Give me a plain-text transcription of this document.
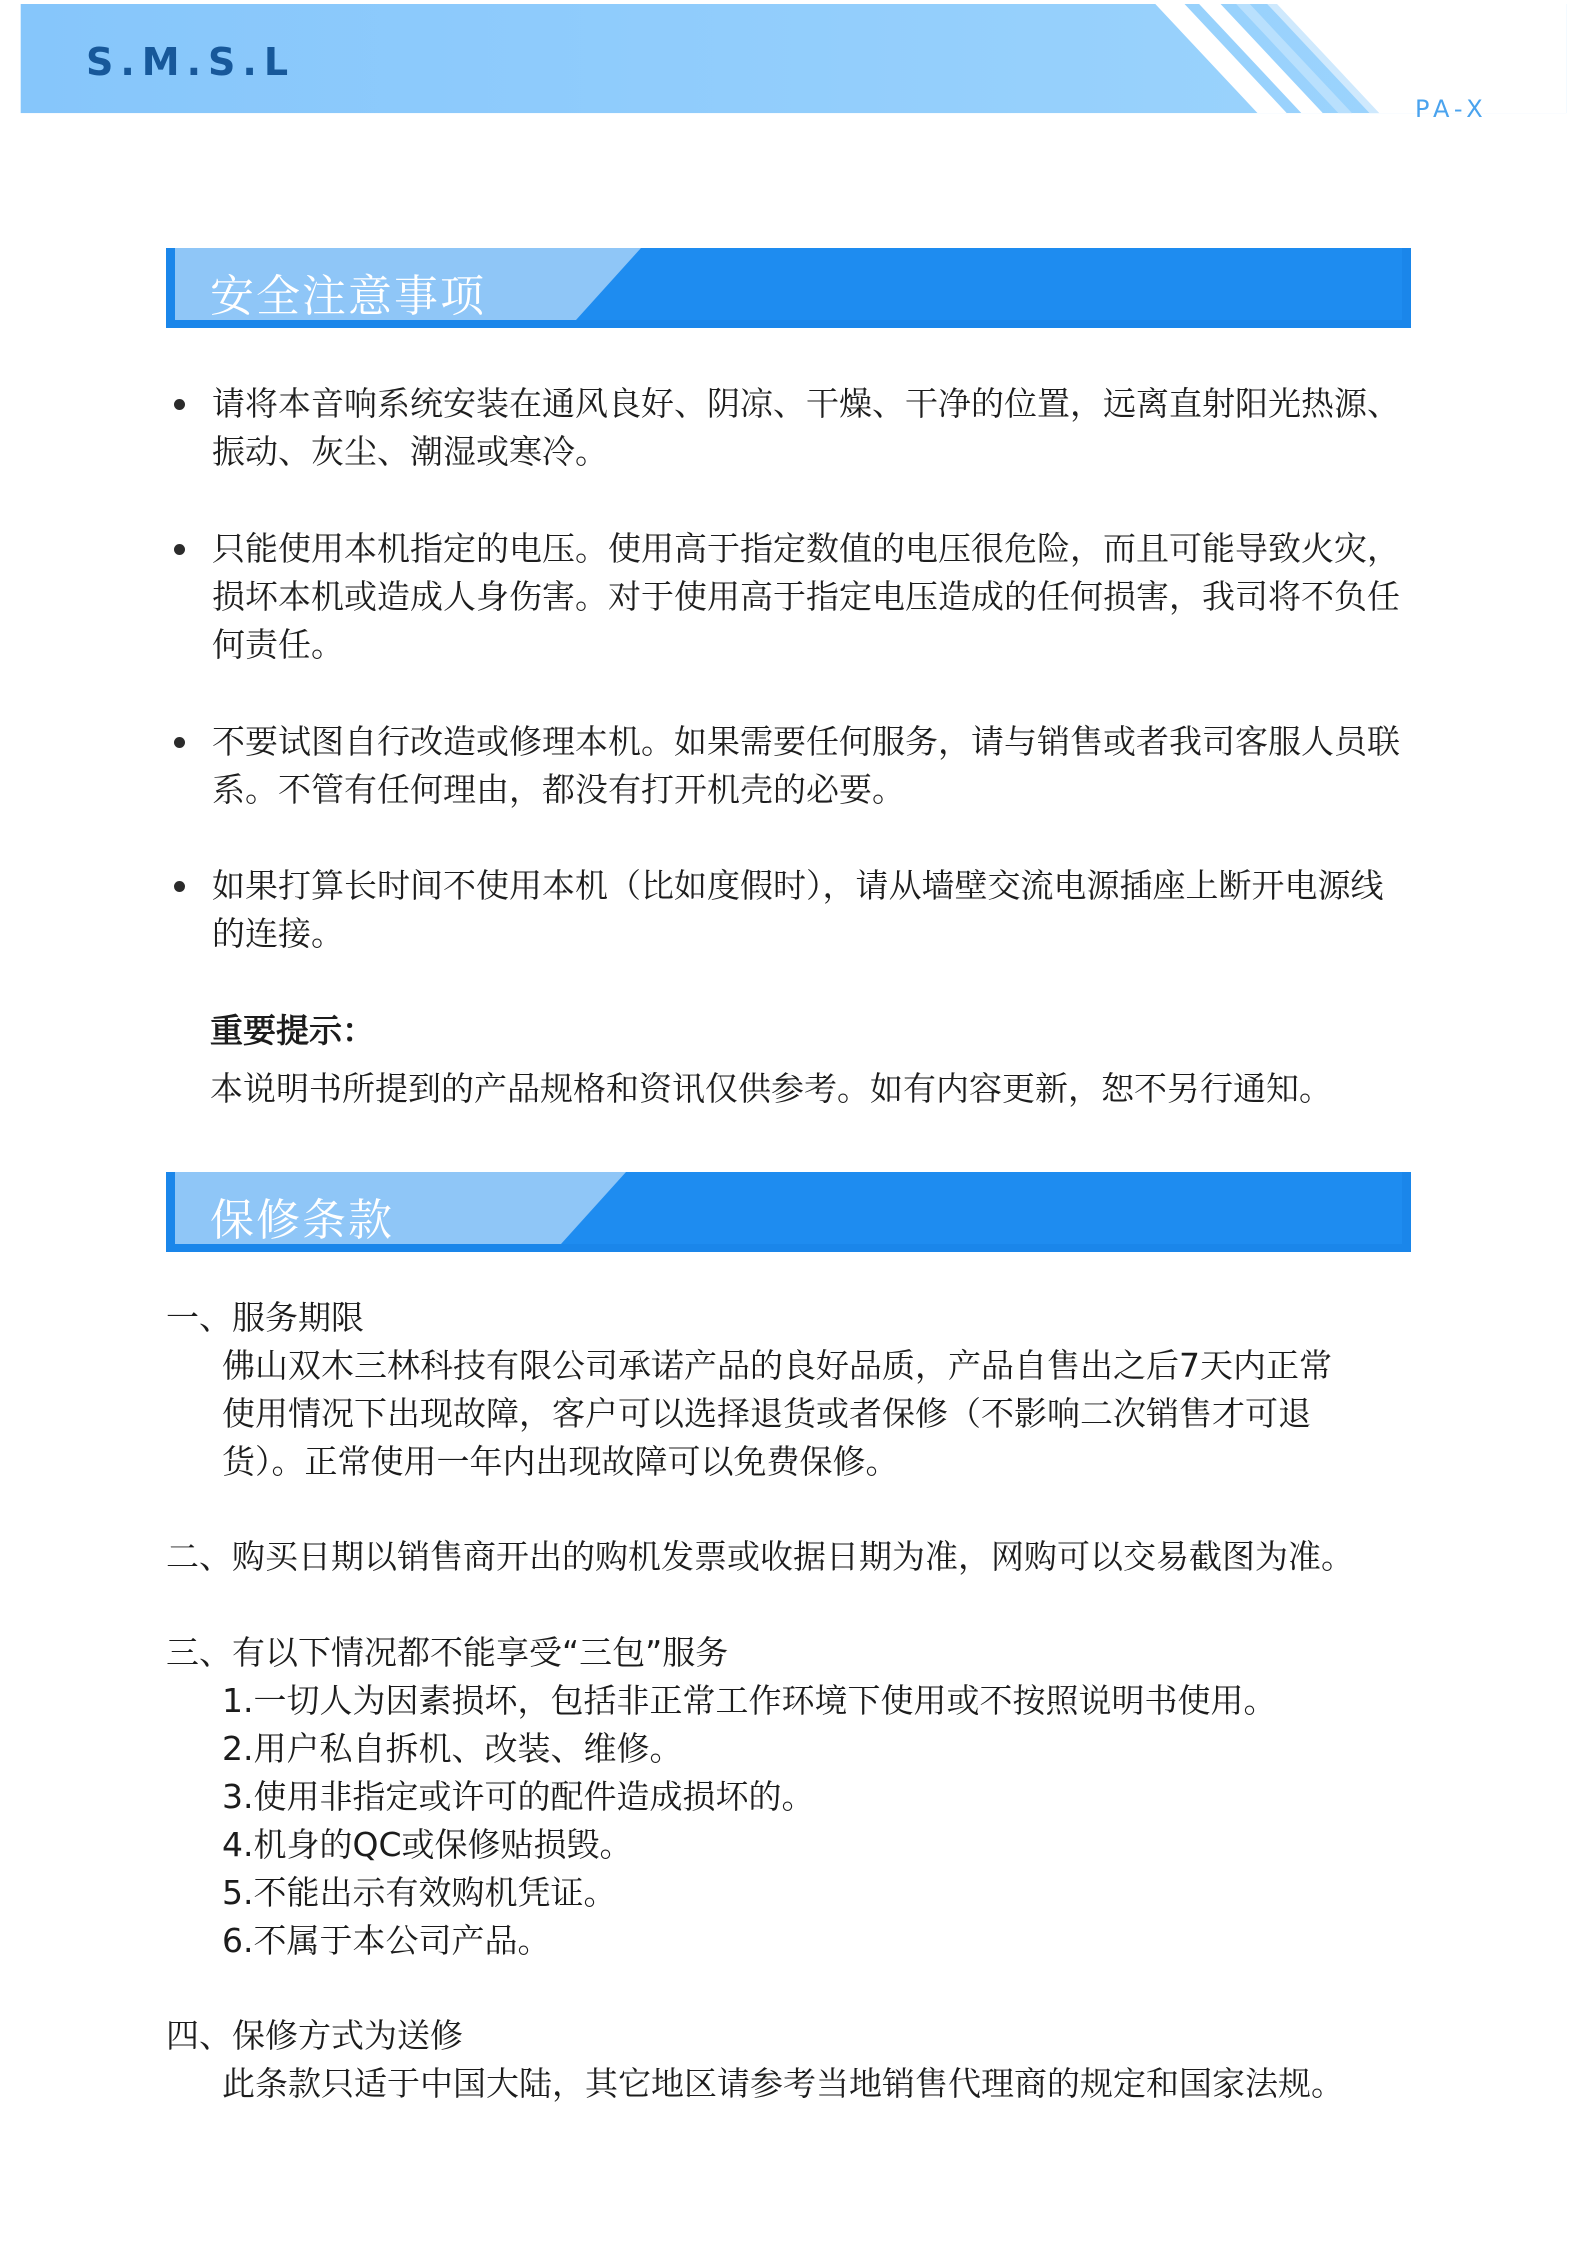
S.M.S.L
PA-X
安全注意事项

请将本音响系统安装在通风良好、阴凉、干燥、干净的位置，远离直射阳光热源、振动、灰尘、潮湿或寒冷。

只能使用本机指定的电压。使用高于指定数值的电压很危险，而且可能导致火灾，损坏本机或造成人身伤害。对于使用高于指定电压造成的任何损害，我司将不负任何责任。

不要试图自行改造或修理本机。如果需要任何服务，请与销售或者我司客服人员联系。不管有任何理由，都没有打开机壳的必要。

如果打算长时间不使用本机（比如度假时），请从墙壁交流电源插座上断开电源线的连接。

重要提示：

本说明书所提到的产品规格和资讯仅供参考。如有内容更新，恕不另行通知。

保修条款

一、服务期限

佛山双木三林科技有限公司承诺产品的良好品质，产品自售出之后7天内正常使用情况下出现故障，客户可以选择退货或者保修（不影响二次销售才可退货）。正常使用一年内出现故障可以免费保修。

二、购买日期以销售商开出的购机发票或收据日期为准，网购可以交易截图为准。

三、有以下情况都不能享受“三包”服务

1.一切人为因素损坏，包括非正常工作环境下使用或不按照说明书使用。
2.用户私自拆机、改装、维修。
3.使用非指定或许可的配件造成损坏的。
4.机身的QC或保修贴损毁。
5.不能出示有效购机凭证。
6.不属于本公司产品。

四、保修方式为送修

此条款只适于中国大陆，其它地区请参考当地销售代理商的规定和国家法规。
